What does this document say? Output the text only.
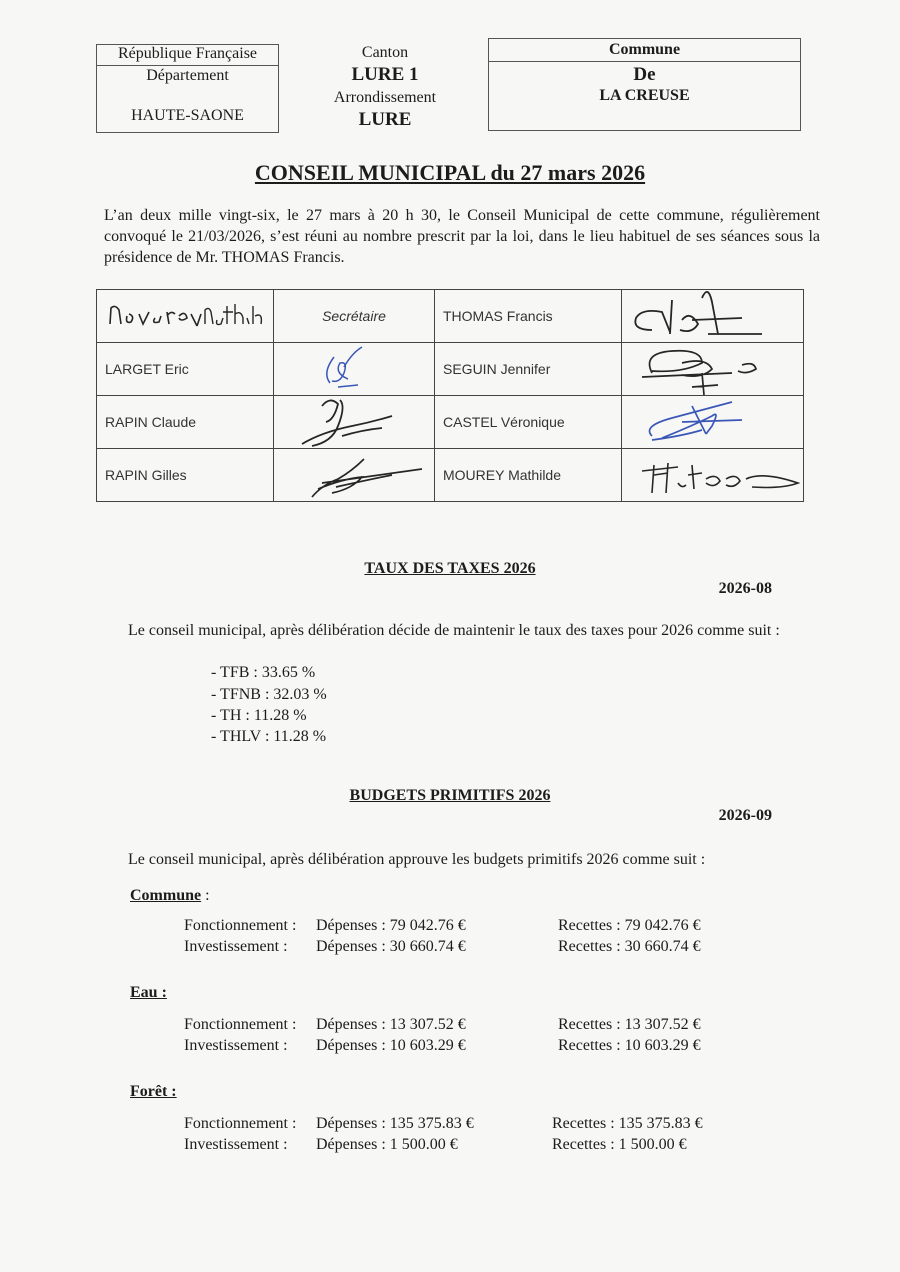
République Française
Département
HAUTE-SAONE
Canton
LURE 1
Arrondissement
LURE
Commune
De
LA CREUSE
CONSEIL MUNICIPAL du 27 mars 2026
L’an deux mille vingt-six, le 27 mars à 20 h 30, le Conseil Municipal de cette commune, régulièrement convoqué le 21/03/2026, s’est réuni au nombre prescrit par la loi, dans le lieu habituel de ses séances sous la présidence de Mr. THOMAS Francis.
	Secrétaire	THOMAS Francis	

LARGET Eric		SEGUIN Jennifer	

RAPIN Claude		CASTEL Véronique	

RAPIN Gilles		MOUREY Mathilde	
TAUX DES TAXES 2026
2026-08
Le conseil municipal, après délibération décide de maintenir le taux des taxes pour 2026 comme suit :
- TFB : 33.65 %
- TFNB : 32.03 %
- TH : 11.28 %
- THLV : 11.28 %
BUDGETS PRIMITIFS 2026
2026-09
Le conseil municipal, après délibération approuve les budgets primitifs 2026 comme suit :
Commune :
Fonctionnement : Dépenses : 79 042.76 €	Recettes : 79 042.76 €
Investissement : Dépenses : 30 660.74 €	Recettes : 30 660.74 €
Eau :
Fonctionnement : Dépenses : 13 307.52 €	Recettes : 13 307.52 €
Investissement : Dépenses : 10 603.29 €	Recettes : 10 603.29 €
Forêt :
Fonctionnement : Dépenses : 135 375.83 €	Recettes : 135 375.83 €
Investissement : Dépenses : 1 500.00 €	Recettes : 1 500.00 €
